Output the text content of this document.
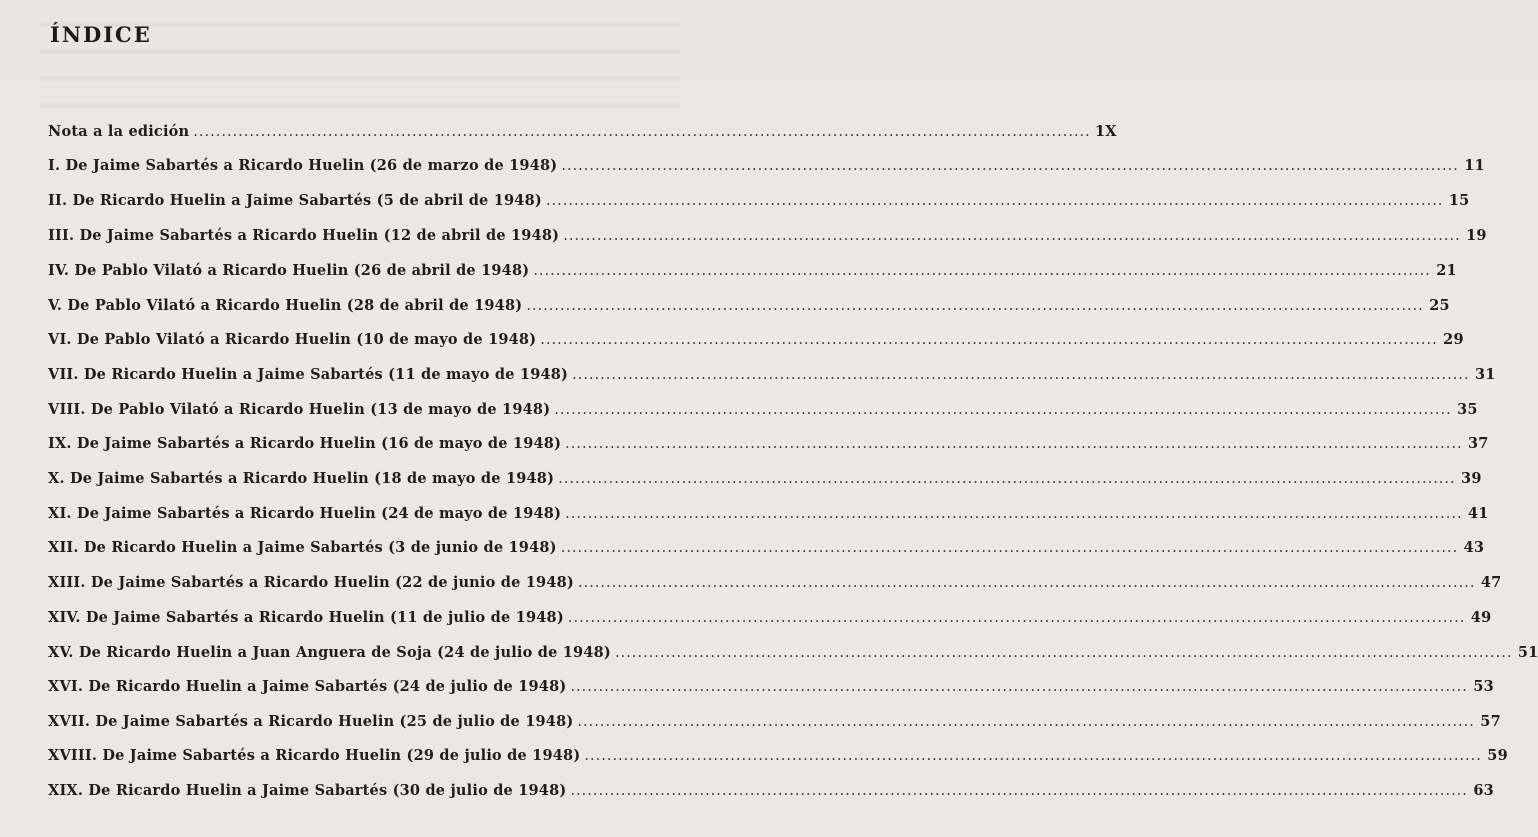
ÍNDICE
Nota a la edición .....	1X
I. De Jaime Sabartés a Ricardo Huelin (26 de marzo de 1948) .....	11
II. De Ricardo Huelin a Jaime Sabartés (5 de abril de 1948) .....	15
III. De Jaime Sabartés a Ricardo Huelin (12 de abril de 1948) .....	19
IV. De Pablo Vilató a Ricardo Huelin (26 de abril de 1948) .....	21
V. De Pablo Vilató a Ricardo Huelin (28 de abril de 1948) .....	25
VI. De Pablo Vilató a Ricardo Huelin (10 de mayo de 1948) .....	29
VII. De Ricardo Huelin a Jaime Sabartés (11 de mayo de 1948) .....	31
VIII. De Pablo Vilató a Ricardo Huelin (13 de mayo de 1948) .....	35
IX. De Jaime Sabartés a Ricardo Huelin (16 de mayo de 1948) .....	37
X. De Jaime Sabartés a Ricardo Huelin (18 de mayo de 1948) .....	39
XI. De Jaime Sabartés a Ricardo Huelin (24 de mayo de 1948) .....	41
XII. De Ricardo Huelin a Jaime Sabartés (3 de junio de 1948) .....	43
XIII. De Jaime Sabartés a Ricardo Huelin (22 de junio de 1948) .....	47
XIV. De Jaime Sabartés a Ricardo Huelin (11 de julio de 1948) .....	49
XV. De Ricardo Huelin a Juan Anguera de Soja (24 de julio de 1948) .....	51
XVI. De Ricardo Huelin a Jaime Sabartés (24 de julio de 1948) .....	53
XVII. De Jaime Sabartés a Ricardo Huelin (25 de julio de 1948) .....	57
XVIII. De Jaime Sabartés a Ricardo Huelin (29 de julio de 1948) .....	59
XIX. De Ricardo Huelin a Jaime Sabartés (30 de julio de 1948) .....	63
